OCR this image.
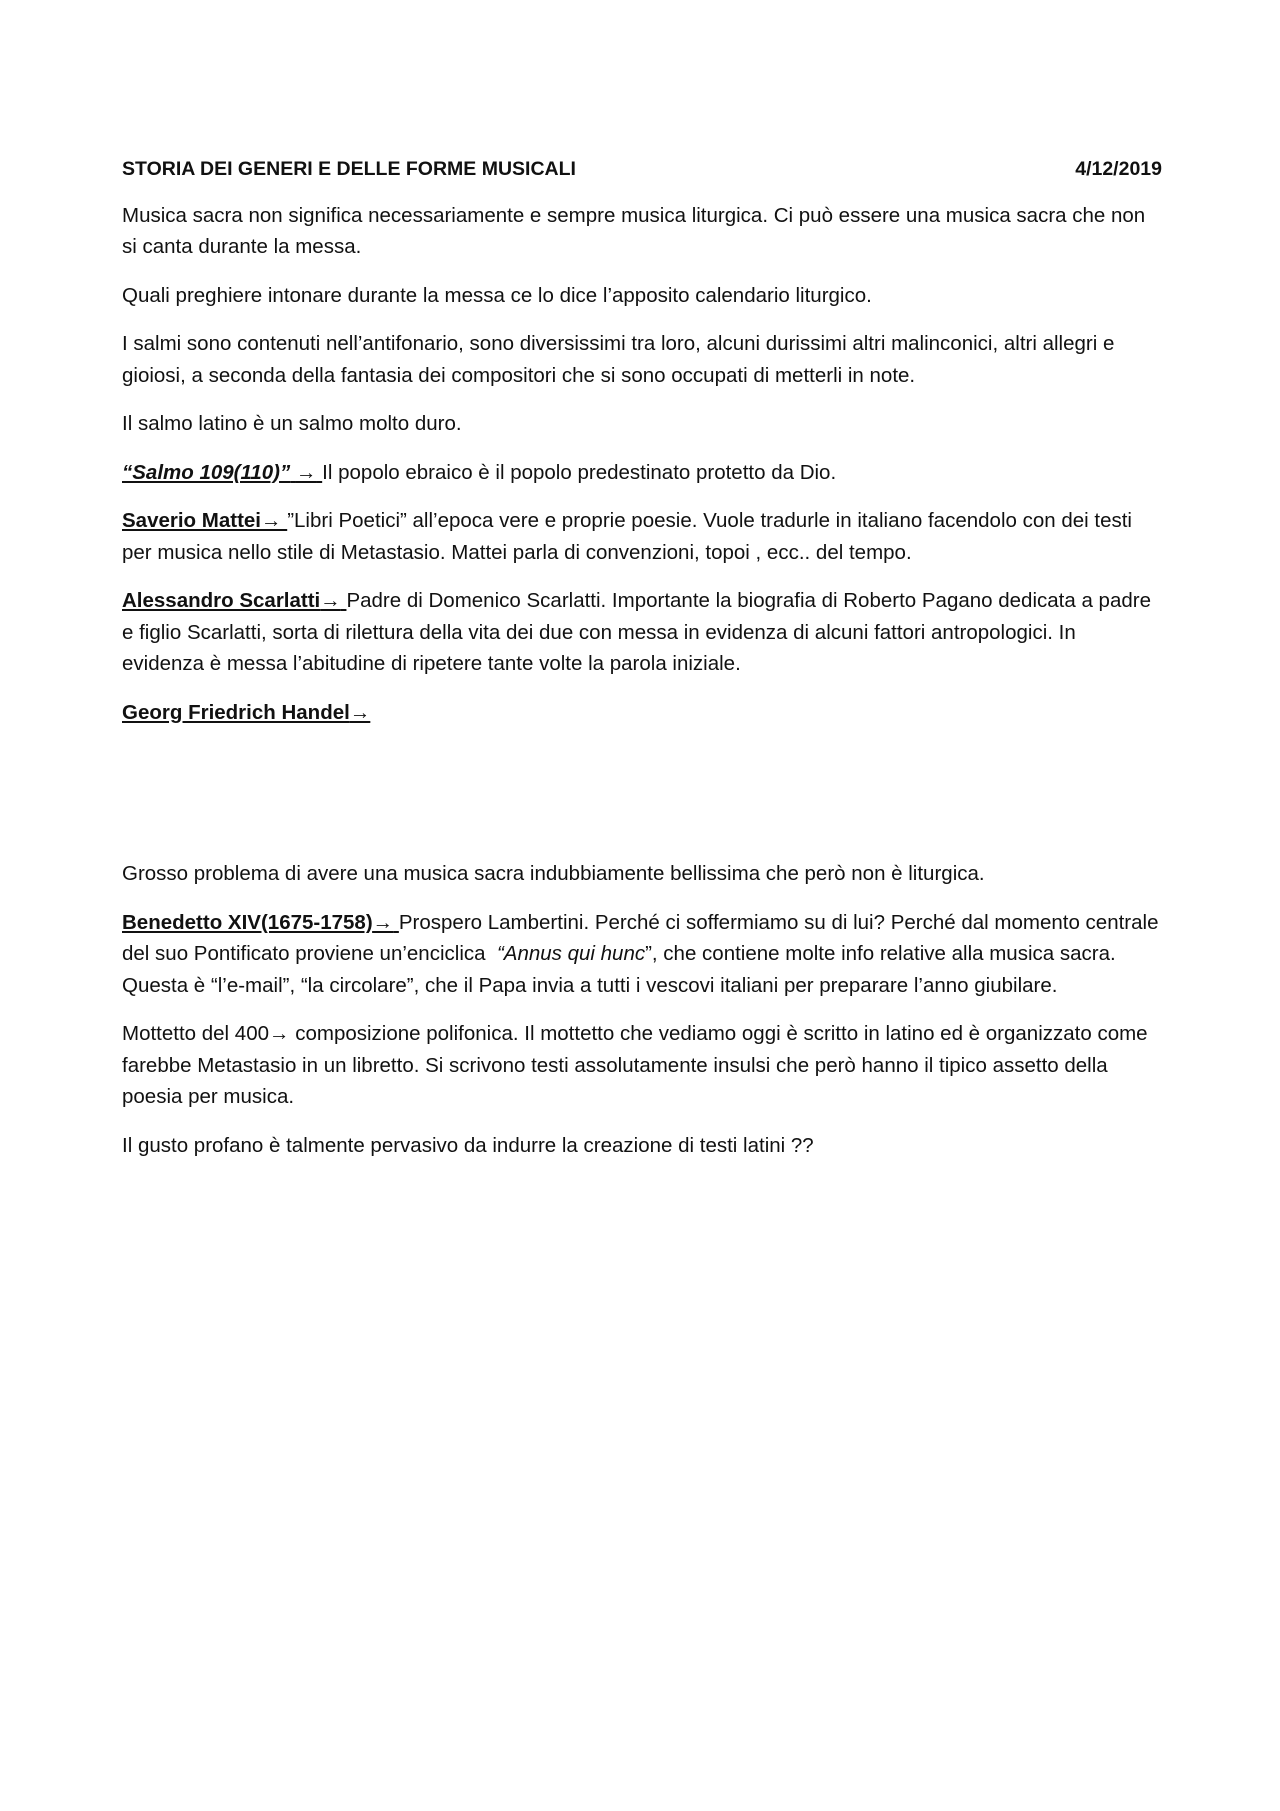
STORIA DEI GENERI E DELLE FORME MUSICALI	4/12/2019

Musica sacra non significa necessariamente e sempre musica liturgica. Ci può essere una musica sacra che non si canta durante la messa.

Quali preghiere intonare durante la messa ce lo dice l’apposito calendario liturgico.

I salmi sono contenuti nell’antifonario, sono diversissimi tra loro, alcuni durissimi altri malinconici, altri allegri e gioiosi, a seconda della fantasia dei compositori che si sono occupati di metterli in note.

Il salmo latino è un salmo molto duro.

“Salmo 109(110)” → Il popolo ebraico è il popolo predestinato protetto da Dio.

Saverio Mattei→ ”Libri Poetici” all’epoca vere e proprie poesie. Vuole tradurle in italiano facendolo con dei testi per musica nello stile di Metastasio. Mattei parla di convenzioni, topoi , ecc.. del tempo.

Alessandro Scarlatti→ Padre di Domenico Scarlatti. Importante la biografia di Roberto Pagano dedicata a padre e figlio Scarlatti, sorta di rilettura della vita dei due con messa in evidenza di alcuni fattori antropologici. In evidenza è messa l’abitudine di ripetere tante volte la parola iniziale.

Georg Friedrich Handel→

Grosso problema di avere una musica sacra indubbiamente bellissima che però non è liturgica.

Benedetto XIV(1675-1758)→ Prospero Lambertini. Perché ci soffermiamo su di lui? Perché dal momento centrale del suo Pontificato proviene un’enciclica “Annus qui hunc”, che contiene molte info relative alla musica sacra. Questa è “l’e-mail”, “la circolare”, che il Papa invia a tutti i vescovi italiani per preparare l’anno giubilare.

Mottetto del 400→ composizione polifonica. Il mottetto che vediamo oggi è scritto in latino ed è organizzato come farebbe Metastasio in un libretto. Si scrivono testi assolutamente insulsi che però hanno il tipico assetto della poesia per musica.

Il gusto profano è talmente pervasivo da indurre la creazione di testi latini ??
